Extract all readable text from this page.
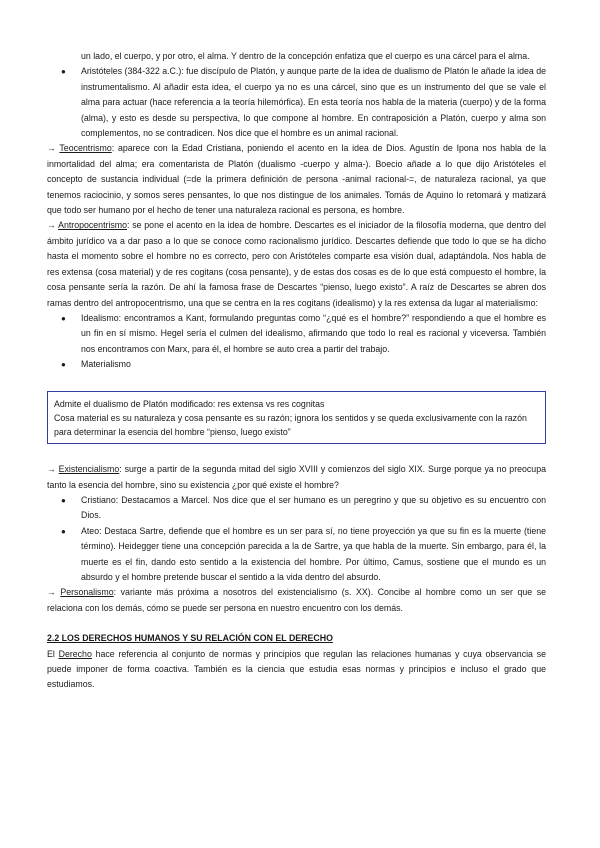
un lado, el cuerpo, y por otro, el alma. Y dentro de la concepción enfatiza que el cuerpo es una cárcel para el alma.

● Aristóteles (384-322 a.C.): fue discípulo de Platón, y aunque parte de la idea de dualismo de Platón le añade la idea de instrumentalismo. Al añadir esta idea, el cuerpo ya no es una cárcel, sino que es un instrumento del que se vale el alma para actuar (hace referencia a la teoría hilemórfica). En esta teoría nos habla de la materia (cuerpo) y de la forma (alma), y esto es desde su perspectiva, lo que compone al hombre. En contraposición a Platón, cuerpo y alma son complementos, no se contradicen. Nos dice que el hombre es un animal racional.

→ Teocentrismo: aparece con la Edad Cristiana, poniendo el acento en la idea de Dios. Agustín de Ipona nos habla de la inmortalidad del alma; era comentarista de Platón (dualismo -cuerpo y alma-). Boecio añade a lo que dijo Aristóteles el concepto de sustancia individual (=de la primera definición de persona -animal racional-=, de naturaleza racional, ya que tenemos raciocinio, y somos seres pensantes, lo que nos distingue de los animales. Tomás de Aquino lo retomará y matizará que todo ser humano por el hecho de tener una naturaleza racional es persona, es hombre.

→ Antropocentrismo: se pone el acento en la idea de hombre. Descartes es el iniciador de la filosofía moderna, que dentro del ámbito jurídico va a dar paso a lo que se conoce como racionalismo jurídico. Descartes defiende que todo lo que se ha dicho hasta el momento sobre el hombre no es correcto, pero con Aristóteles comparte esa visión dual, adaptándola. Nos habla de res extensa (cosa material) y de res cogitans (cosa pensante), y de estas dos cosas es de lo que está compuesto el hombre, la cosa pensante sería la razón. De ahí la famosa frase de Descartes “pienso, luego existo”. A raíz de Descartes se abren dos ramas dentro del antropocentrismo, una que se centra en la res cogitans (idealismo) y la res extensa da lugar al materialismo:

● Idealismo: encontramos a Kant, formulando preguntas como “¿qué es el hombre?” respondiendo a que el hombre es un fin en sí mismo. Hegel sería el culmen del idealismo, afirmando que todo lo real es racional y viceversa. También nos encontramos con Marx, para él, el hombre se auto crea a partir del trabajo.
● Materialismo
Admite el dualismo de Platón modificado: res extensa vs res cognitas
Cosa material es su naturaleza y cosa pensante es su razón; ignora los sentidos y se queda exclusivamente con la razón para determinar la esencia del hombre “pienso, luego existo”

→ Existencialismo: surge a partir de la segunda mitad del siglo XVIII y comienzos del siglo XIX. Surge porque ya no preocupa tanto la esencia del hombre, sino su existencia ¿por qué existe el hombre?

● Cristiano: Destacamos a Marcel. Nos dice que el ser humano es un peregrino y que su objetivo es su encuentro con Dios.
● Ateo: Destaca Sartre, defiende que el hombre es un ser para sí, no tiene proyección ya que su fin es la muerte (tiene término). Heidegger tiene una concepción parecida a la de Sartre, ya que habla de la muerte. Sin embargo, para él, la muerte es el fin, dando esto sentido a la existencia del hombre. Por último, Camus, sostiene que el mundo es un absurdo y el hombre pretende buscar el sentido a la vida dentro del absurdo.

→ Personalismo: variante más próxima a nosotros del existencialismo (s. XX). Concibe al hombre como un ser que se relaciona con los demás, cómo se puede ser persona en nuestro encuentro con los demás.

2.2 LOS DERECHOS HUMANOS Y SU RELACIÓN CON EL DERECHO

El Derecho hace referencia al conjunto de normas y principios que regulan las relaciones humanas y cuya observancia se puede imponer de forma coactiva. También es la ciencia que estudia esas normas y principios e incluso el grado que estudiamos.
